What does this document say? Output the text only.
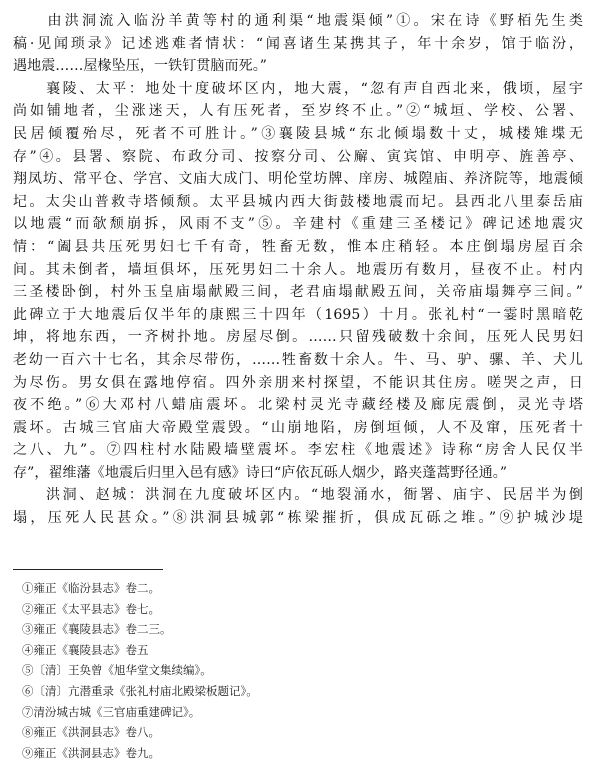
　　由洪洞流入临汾羊黄等村的通利渠“地震渠倾”①。宋在诗《野栢先生类
稿·见闻琐录》记述逃难者情状：“闻喜诸生某携其子，年十余岁，馆于临汾，
遇地震……屋椽坠压，一铁钉贯脑而死。”
　　襄陵、太平：地处十度破坏区内，地大震，“忽有声自西北来，俄顷，屋宇
尚如铺地者，尘涨迷天，人有压死者，至岁终不止。”②“城垣、学校、公署、
民居倾覆殆尽，死者不可胜计。”③襄陵县城“东北倾塌数十丈，城楼雉堞无
存”④。县署、察院、布政分司、按察分司、公廨、寅宾馆、申明亭、旌善亭、
翔凤坊、常平仓、学宫、文庙大成门、明伦堂坊牌、庠房、城隍庙、养济院等，地震倾
圮。太尖山普救寺塔倾颓。太平县城内西大街鼓楼地震而圮。县西北八里泰岳庙
以地震“而欹颓崩拆，风雨不支”⑤。辛建村《重建三圣楼记》碑记述地震灾
情：“阖县共压死男妇七千有奇，牲畜无数，惟本庄稍轻。本庄倒塌房屋百余
间。其未倒者，墙垣俱坏，压死男妇二十余人。地震历有数月，昼夜不止。村内
三圣楼卧倒，村外玉皇庙塌献殿三间，老君庙塌献殿五间，关帝庙塌舞亭三间。”
此碑立于大地震后仅半年的康熙三十四年（1695）十月。张礼村“一霎时黑暗乾
坤，将地东西，一齐树扑地。房屋尽倒。……只留残破数十余间，压死人民男妇
老幼一百六十七名，其余尽带伤，……牲畜数十余人。牛、马、驴、骡、羊、犬儿
为尽伤。男女俱在露地停宿。四外亲朋来村探望，不能识其住房。嗟哭之声，日
夜不绝。”⑥大邓村八蜡庙震坏。北梁村灵光寺藏经楼及廊庑震倒，灵光寺塔
震坏。古城三官庙大帝殿堂震毁。“山崩地陷，房倒垣倾，人不及窜，压死者十
之八、九”。⑦四柱村水陆殿墙壁震坏。李宏柱《地震述》诗称“房舍人民仅半
存”，翟维藩《地震后归里入邑有感》诗曰“庐依瓦砾人烟少，路夹蓬蒿野径通。”
　　洪洞、赵城：洪洞在九度破坏区内。“地裂涌水，衙署、庙宇、民居半为倒
塌，压死人民甚众。”⑧洪洞县城郭“栋梁摧折，俱成瓦砾之堆。”⑨护城沙堤
①雍正《临汾县志》卷二。
②雍正《太平县志》卷七。
③雍正《襄陵县志》卷二三。
④雍正《襄陵县志》卷五
⑤〔清〕王奂曾《旭华堂文集续编》。
⑥〔清〕亢潜重录《张礼村庙北殿梁板题记》。
⑦清汾城古城《三官庙重建碑记》。
⑧雍正《洪洞县志》卷八。
⑨雍正《洪洞县志》卷九。
